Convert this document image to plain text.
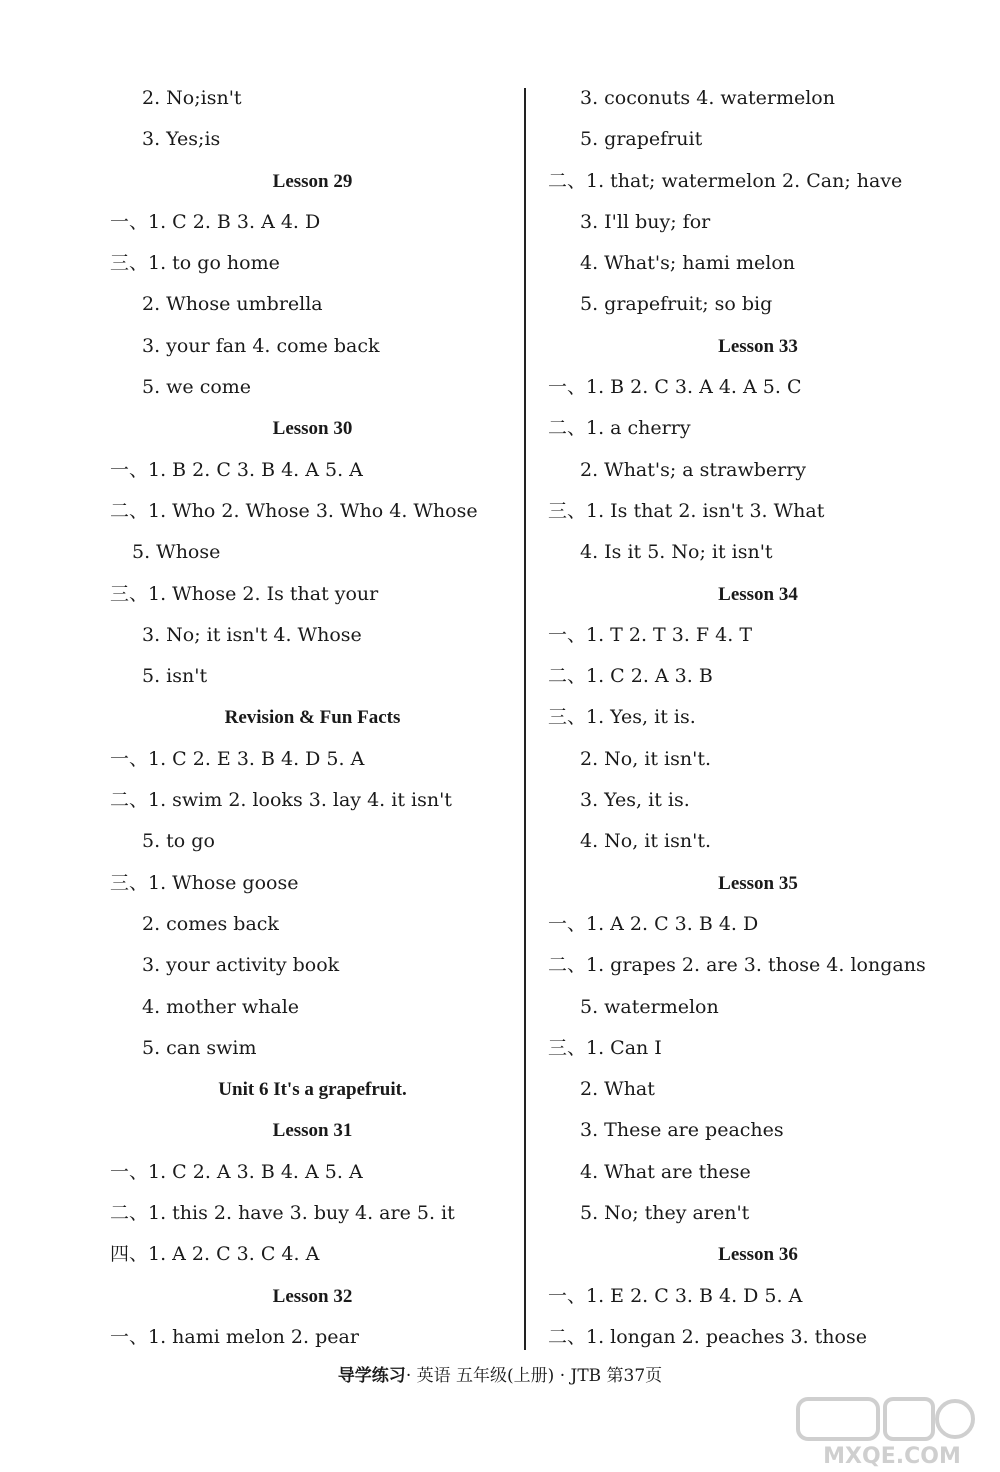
2. No;isn't
3. Yes;is
Lesson 29
一、1. C 2. B 3. A 4. D
三、1. to go home
2. Whose umbrella
3. your fan 4. come back
5. we come
Lesson 30
一、1. B 2. C 3. B 4. A 5. A
二、1. Who 2. Whose 3. Who 4. Whose
5. Whose
三、1. Whose 2. Is that your
3. No; it isn't 4. Whose
5. isn't
Revision & Fun Facts
一、1. C 2. E 3. B 4. D 5. A
二、1. swim 2. looks 3. lay 4. it isn't
5. to go
三、1. Whose goose
2. comes back
3. your activity book
4. mother whale
5. can swim
Unit 6 It's a grapefruit.
Lesson 31
一、1. C 2. A 3. B 4. A 5. A
二、1. this 2. have 3. buy 4. are 5. it
四、1. A 2. C 3. C 4. A
Lesson 32
一、1. hami melon 2. pear
3. coconuts 4. watermelon
5. grapefruit
二、1. that; watermelon 2. Can; have
3. I'll buy; for
4. What's; hami melon
5. grapefruit; so big
Lesson 33
一、1. B 2. C 3. A 4. A 5. C
二、1. a cherry
2. What's; a strawberry
三、1. Is that 2. isn't 3. What
4. Is it 5. No; it isn't
Lesson 34
一、1. T 2. T 3. F 4. T
二、1. C 2. A 3. B
三、1. Yes, it is.
2. No, it isn't.
3. Yes, it is.
4. No, it isn't.
Lesson 35
一、1. A 2. C 3. B 4. D
二、1. grapes 2. are 3. those 4. longans
5. watermelon
三、1. Can I
2. What
3. These are peaches
4. What are these
5. No; they aren't
Lesson 36
一、1. E 2. C 3. B 4. D 5. A
二、1. longan 2. peaches 3. those
导学练习· 英语 五年级(上册) · JTB 第37页
MXQE.COM
